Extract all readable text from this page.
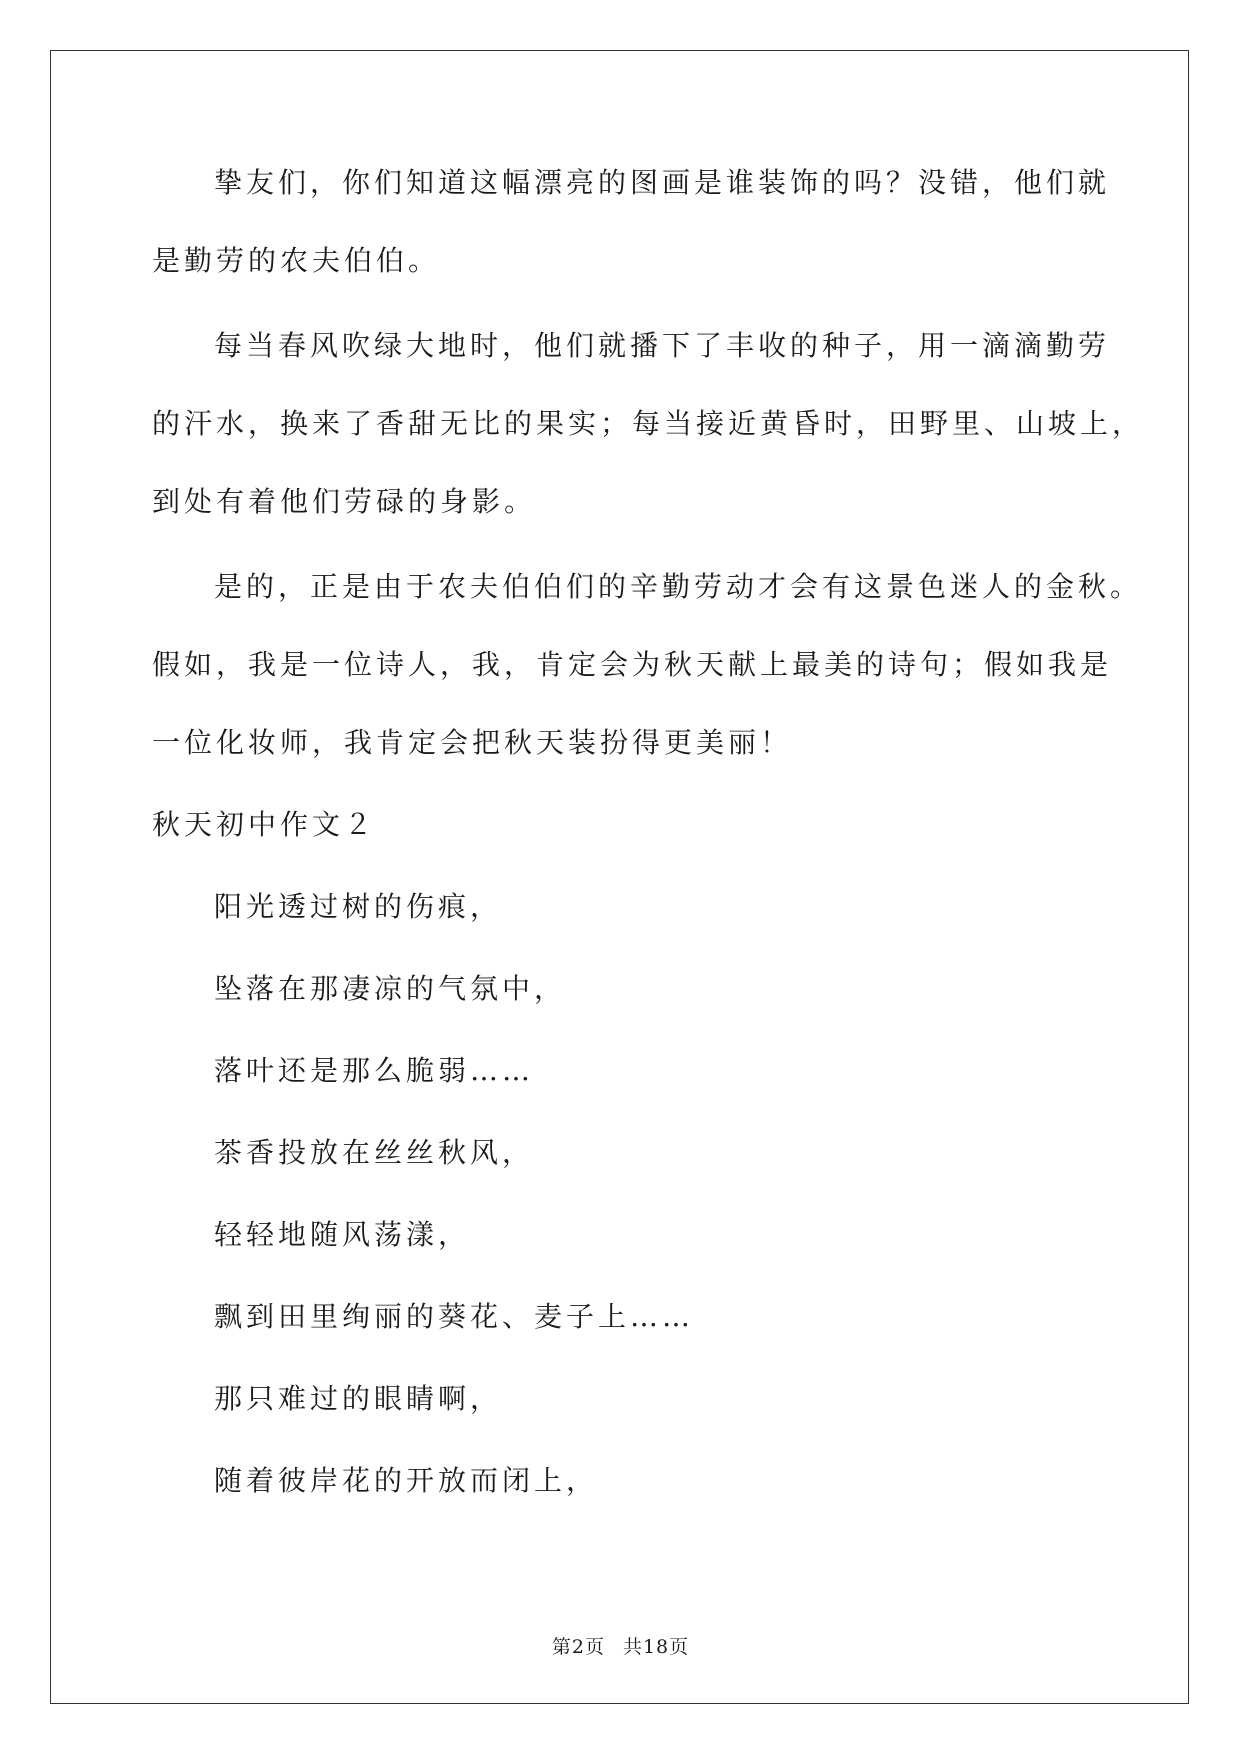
挚友们，你们知道这幅漂亮的图画是谁装饰的吗？没错，他们就
是勤劳的农夫伯伯。
每当春风吹绿大地时，他们就播下了丰收的种子，用一滴滴勤劳
的汗水，换来了香甜无比的果实；每当接近黄昏时，田野里、山坡上，
到处有着他们劳碌的身影。
是的，正是由于农夫伯伯们的辛勤劳动才会有这景色迷人的金秋。
假如，我是一位诗人，我，肯定会为秋天献上最美的诗句；假如我是
一位化妆师，我肯定会把秋天装扮得更美丽！
秋天初中作文２
阳光透过树的伤痕，
坠落在那凄凉的气氛中，
落叶还是那么脆弱……
茶香投放在丝丝秋风，
轻轻地随风荡漾，
飘到田里绚丽的葵花、麦子上……
那只难过的眼睛啊，
随着彼岸花的开放而闭上，
第2页 共18页
